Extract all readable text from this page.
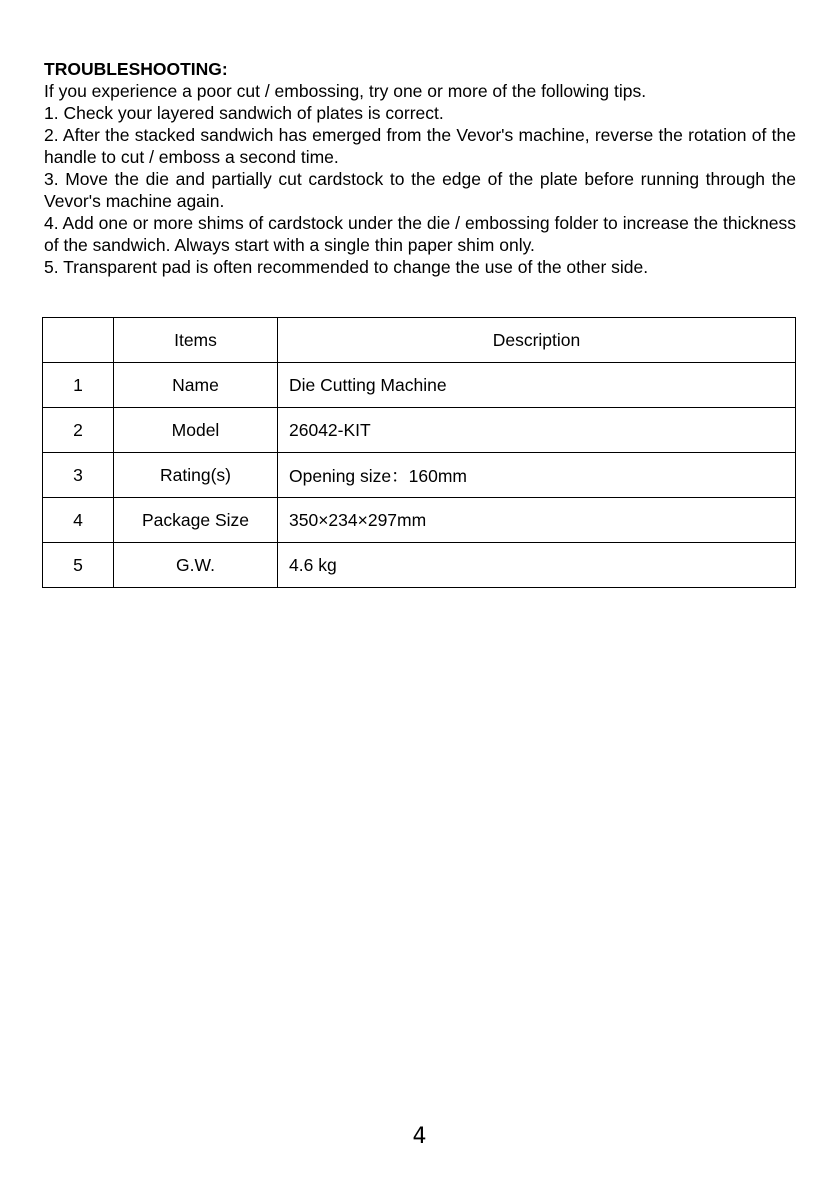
TROUBLESHOOTING:

If you experience a poor cut / embossing, try one or more of the following tips.

1. Check your layered sandwich of plates is correct.

2. After the stacked sandwich has emerged from the Vevor's machine, reverse the rotation of the handle to cut / emboss a second time.

3. Move the die and partially cut cardstock to the edge of the plate before running through the Vevor's machine again.

4. Add one or more shims of cardstock under the die / embossing folder to increase the thickness of the sandwich. Always start with a single thin paper shim only.

5. Transparent pad is often recommended to change the use of the other side.

	Items	Description
1	Name	Die Cutting Machine
2	Model	26042-KIT
3	Rating(s)	Opening size：160mm
4	Package Size	350×234×297mm
5	G.W.	4.6 kg
4
